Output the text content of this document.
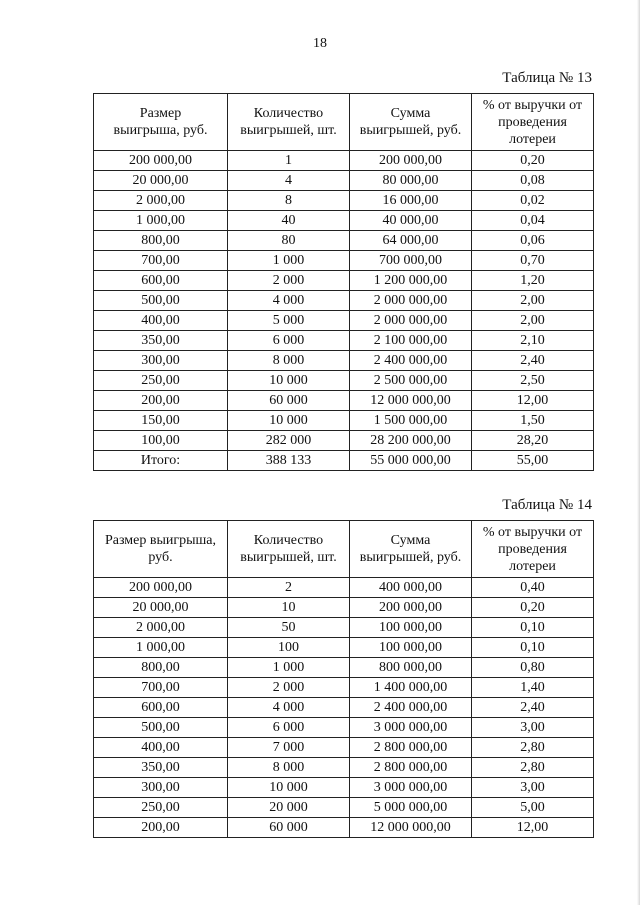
18
Таблица № 13
Размер выигрыша, руб.	Количество выигрышей, шт.	Сумма выигрышей, руб.	% от выручки от проведения лотереи
200 000,00	1	200 000,00	0,20
20 000,00	4	80 000,00	0,08
2 000,00	8	16 000,00	0,02
1 000,00	40	40 000,00	0,04
800,00	80	64 000,00	0,06
700,00	1 000	700 000,00	0,70
600,00	2 000	1 200 000,00	1,20
500,00	4 000	2 000 000,00	2,00
400,00	5 000	2 000 000,00	2,00
350,00	6 000	2 100 000,00	2,10
300,00	8 000	2 400 000,00	2,40
250,00	10 000	2 500 000,00	2,50
200,00	60 000	12 000 000,00	12,00
150,00	10 000	1 500 000,00	1,50
100,00	282 000	28 200 000,00	28,20
Итого:	388 133	55 000 000,00	55,00
Таблица № 14
Размер выигрыша, руб.	Количество выигрышей, шт.	Сумма выигрышей, руб.	% от выручки от проведения лотереи
200 000,00	2	400 000,00	0,40
20 000,00	10	200 000,00	0,20
2 000,00	50	100 000,00	0,10
1 000,00	100	100 000,00	0,10
800,00	1 000	800 000,00	0,80
700,00	2 000	1 400 000,00	1,40
600,00	4 000	2 400 000,00	2,40
500,00	6 000	3 000 000,00	3,00
400,00	7 000	2 800 000,00	2,80
350,00	8 000	2 800 000,00	2,80
300,00	10 000	3 000 000,00	3,00
250,00	20 000	5 000 000,00	5,00
200,00	60 000	12 000 000,00	12,00
